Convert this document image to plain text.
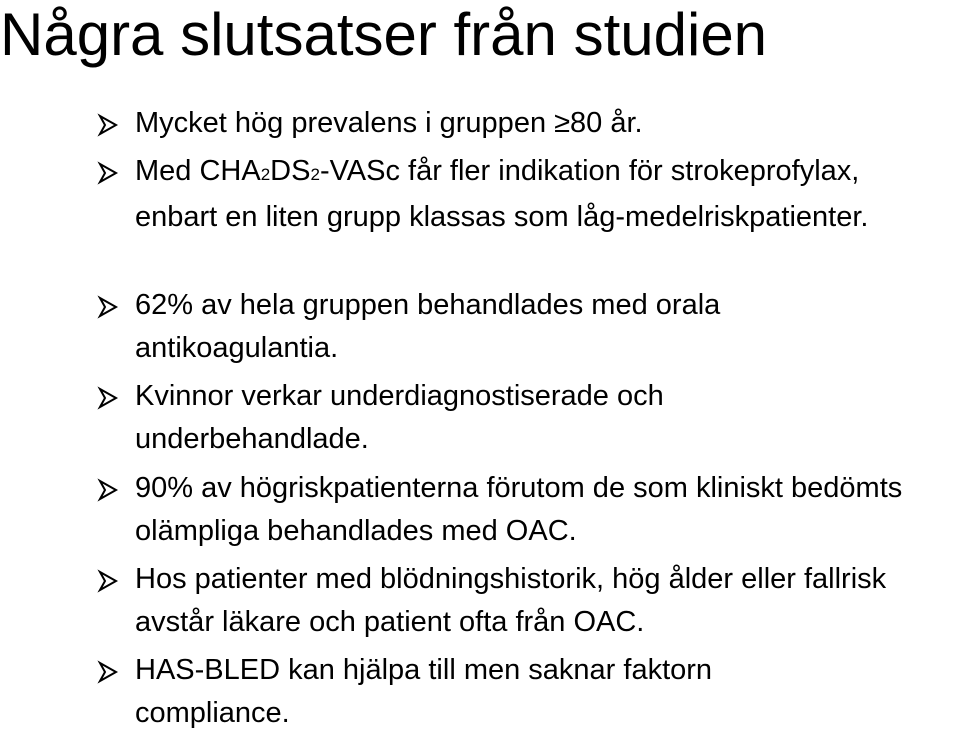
Några slutsatser från studien
Mycket hög prevalens i gruppen ≥80 år.
Med CHA2DS2-VASc får fler indikation för strokeprofylax, enbart en liten grupp klassas som låg-medelriskpatienter.
62% av hela gruppen behandlades med orala antikoagulantia.
Kvinnor verkar underdiagnostiserade och underbehandlade.
90% av högriskpatienterna förutom de som kliniskt bedömts olämpliga behandlades med OAC.
Hos patienter med blödningshistorik, hög ålder eller fallrisk avstår läkare och patient ofta från OAC.
HAS-BLED kan hjälpa till men saknar faktorn compliance.
